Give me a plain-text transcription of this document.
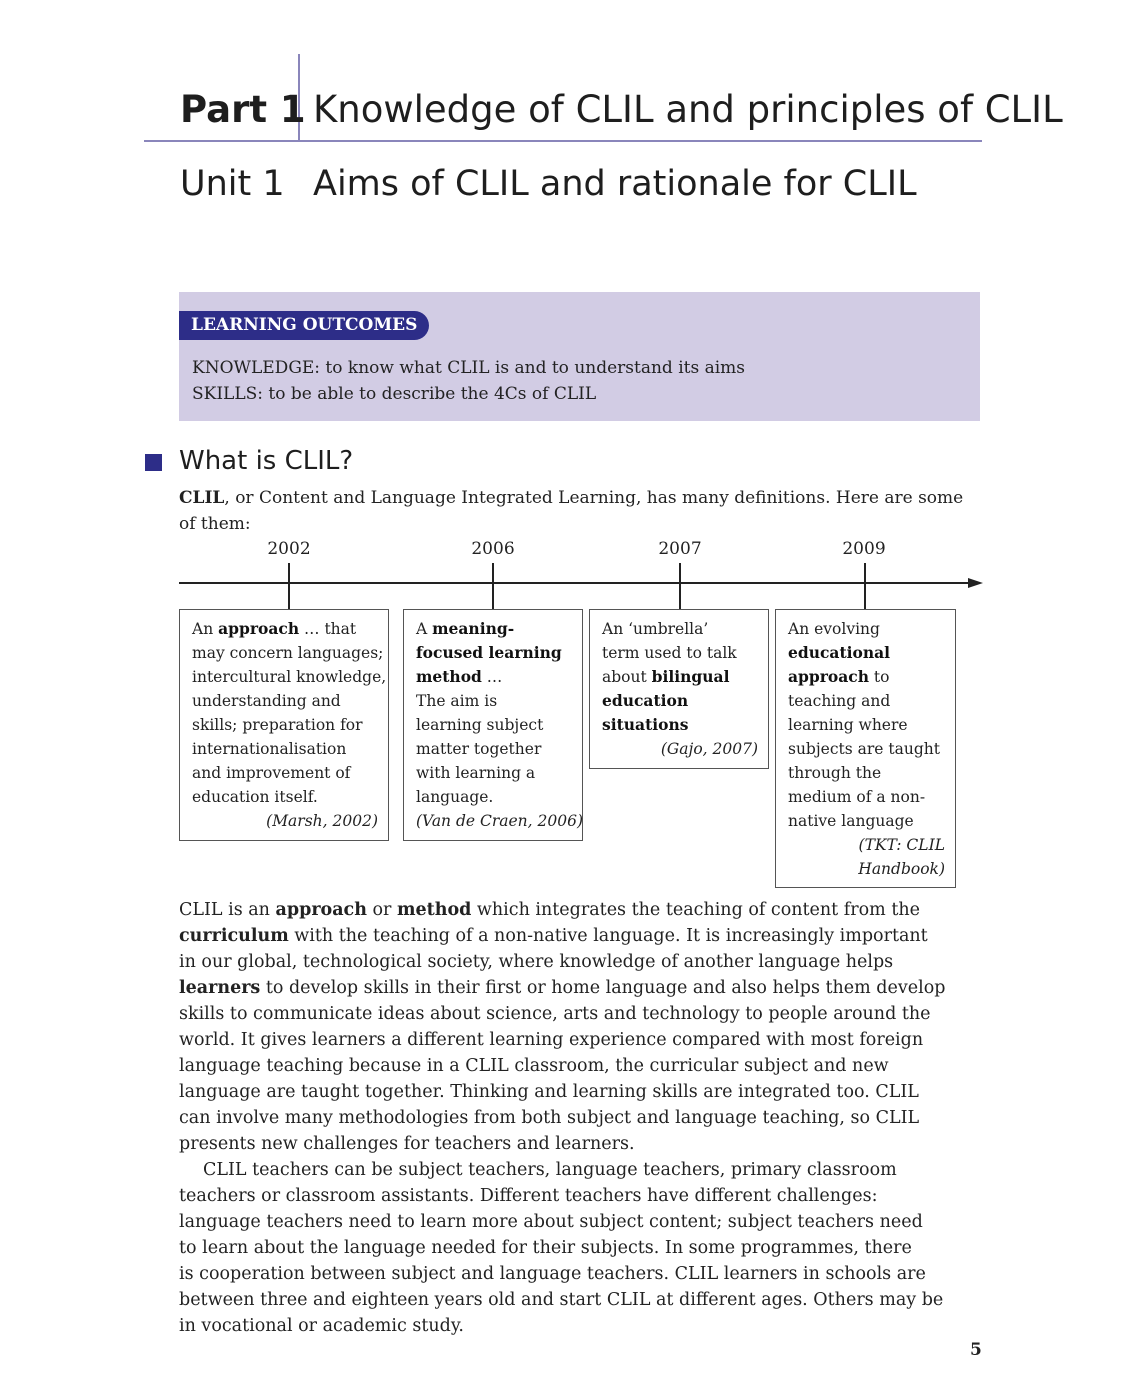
Part 1 Knowledge of CLIL and principles of CLIL
Unit 1 Aims of CLIL and rationale for CLIL
LEARNING OUTCOMES
KNOWLEDGE: to know what CLIL is and to understand its aims
SKILLS: to be able to describe the 4Cs of CLIL
What is CLIL?
CLIL, or Content and Language Integrated Learning, has many definitions. Here are some of them:
2002	2006	2007	2009
An approach … that
may concern languages;
intercultural knowledge,
understanding and
skills; preparation for
internationalisation
and improvement of
education itself.
(Marsh, 2002)
A meaning-
focused learning
method …
The aim is
learning subject
matter together
with learning a
language.
(Van de Craen, 2006)
An ‘umbrella’
term used to talk
about bilingual
education
situations
(Gajo, 2007)
An evolving
educational
approach to
teaching and
learning where
subjects are taught
through the
medium of a non-
native language
(TKT: CLIL
Handbook)
CLIL is an approach or method which integrates the teaching of content from the
curriculum with the teaching of a non-native language. It is increasingly important
in our global, technological society, where knowledge of another language helps
learners to develop skills in their first or home language and also helps them develop
skills to communicate ideas about science, arts and technology to people around the
world. It gives learners a different learning experience compared with most foreign
language teaching because in a CLIL classroom, the curricular subject and new
language are taught together. Thinking and learning skills are integrated too. CLIL
can involve many methodologies from both subject and language teaching, so CLIL
presents new challenges for teachers and learners.
CLIL teachers can be subject teachers, language teachers, primary classroom
teachers or classroom assistants. Different teachers have different challenges:
language teachers need to learn more about subject content; subject teachers need
to learn about the language needed for their subjects. In some programmes, there
is cooperation between subject and language teachers. CLIL learners in schools are
between three and eighteen years old and start CLIL at different ages. Others may be
in vocational or academic study.
5
